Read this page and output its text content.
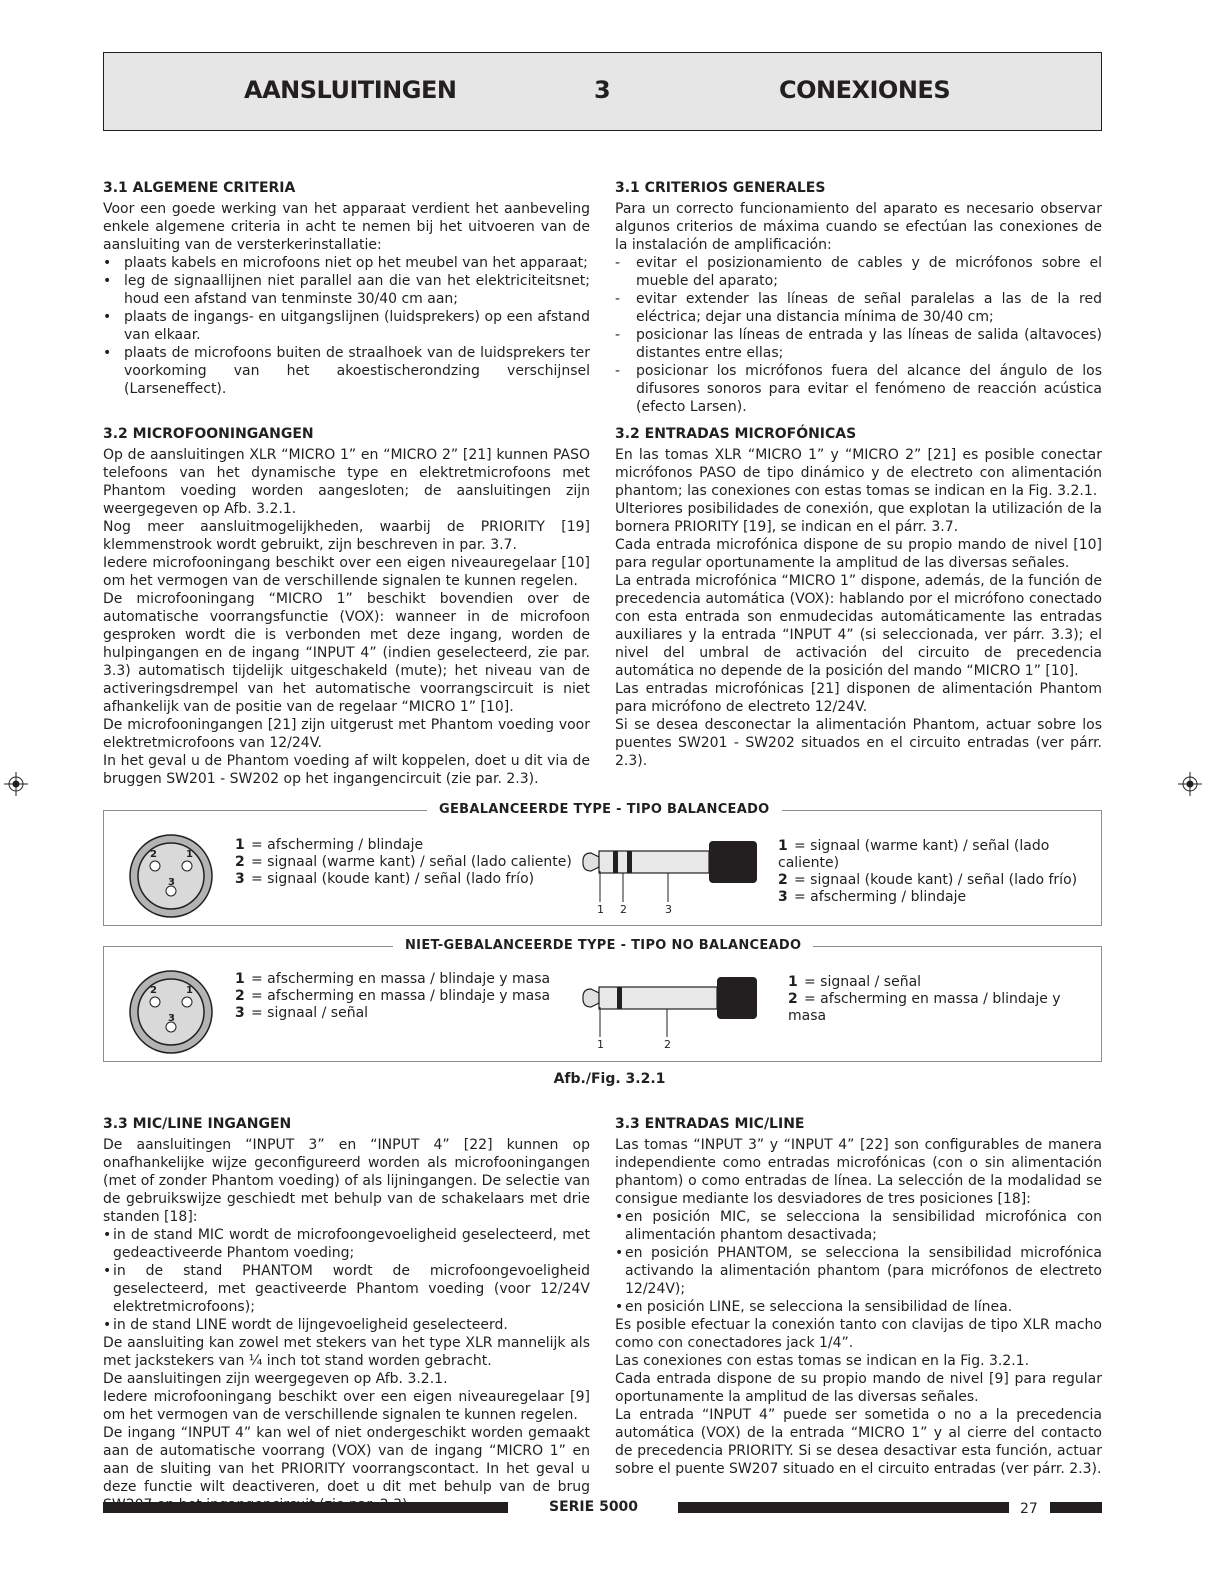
AANSLUITINGEN	3	CONEXIONES
3.1 ALGEMENE CRITERIA

Voor een goede werking van het apparaat verdient het aanbeveling enkele algemene criteria in acht te nemen bij het uitvoeren van de aansluiting van de versterkerinstallatie:

• plaats kabels en microfoons niet op het meubel van het apparaat;
• leg de signaallijnen niet parallel aan die van het elektriciteitsnet; houd een afstand van tenminste 30/40 cm aan;
• plaats de ingangs- en uitgangslijnen (luidsprekers) op een afstand van elkaar.
• plaats de microfoons buiten de straalhoek van de luidsprekers ter voorkoming van het akoestischerondzing verschijnsel (Larseneffect).
3.1 CRITERIOS GENERALES

Para un correcto funcionamiento del aparato es necesario observar algunos criterios de máxima cuando se efectúan las conexiones de la instalación de amplificación:

- evitar el posizionamiento de cables y de micrófonos sobre el mueble del aparato;
- evitar extender las líneas de señal paralelas a las de la red eléctrica; dejar una distancia mínima de 30/40 cm;
- posicionar las líneas de entrada y las líneas de salida (altavoces) distantes entre ellas;
- posicionar los micrófonos fuera del alcance del ángulo de los difusores sonoros para evitar el fenómeno de reacción acústica (efecto Larsen).
3.2 MICROFOONINGANGEN

Op de aansluitingen XLR “MICRO 1” en “MICRO 2” [21] kunnen PASO telefoons van het dynamische type en elektretmicrofoons met Phantom voeding worden aangesloten; de aansluitingen zijn weergegeven op Afb. 3.2.1.

Nog meer aansluitmogelijkheden, waarbij de PRIORITY [19] klemmenstrook wordt gebruikt, zijn beschreven in par. 3.7.

Iedere microfooningang beschikt over een eigen niveauregelaar [10] om het vermogen van de verschillende signalen te kunnen regelen.

De microfooningang “MICRO 1” beschikt bovendien over de automatische voorrangsfunctie (VOX): wanneer in de microfoon gesproken wordt die is verbonden met deze ingang, worden de hulpingangen en de ingang “INPUT 4” (indien geselecteerd, zie par. 3.3) automatisch tijdelijk uitgeschakeld (mute); het niveau van de activeringsdrempel van het automatische voorrangscircuit is niet afhankelijk van de positie van de regelaar “MICRO 1” [10].

De microfooningangen [21] zijn uitgerust met Phantom voeding voor elektretmicrofoons van 12/24V.

In het geval u de Phantom voeding af wilt koppelen, doet u dit via de bruggen SW201 - SW202 op het ingangencircuit (zie par. 2.3).

3.2 ENTRADAS MICROFÓNICAS

En las tomas XLR “MICRO 1” y “MICRO 2” [21] es posible conectar micrófonos PASO de tipo dinámico y de electreto con alimentación phantom; las conexiones con estas tomas se indican en la Fig. 3.2.1.

Ulteriores posibilidades de conexión, que explotan la utilización de la bornera PRIORITY [19], se indican en el párr. 3.7.

Cada entrada microfónica dispone de su propio mando de nivel [10] para regular oportunamente la amplitud de las diversas señales.

La entrada microfónica “MICRO 1” dispone, además, de la función de precedencia automática (VOX): hablando por el micrófono conectado con esta entrada son enmudecidas automáticamente las entradas auxiliares y la entrada “INPUT 4” (si seleccionada, ver párr. 3.3); el nivel del umbral de activación del circuito de precedencia automática no depende de la posición del mando “MICRO 1” [10].

Las entradas microfónicas [21] disponen de alimentación Phantom para micrófono de electreto 12/24V.

Si se desea desconectar la alimentación Phantom, actuar sobre los puentes SW201 - SW202 situados en el circuito entradas (ver párr. 2.3).

2	1
3
1 = afscherming / blindaje
2 = signaal (warme kant) / señal (lado caliente)
3 = signaal (koude kant) / señal (lado frío)
1 2	3
1 = signaal (warme kant) / señal (lado caliente)
2 = signaal (koude kant) / señal (lado frío)
3 = afscherming / blindaje
GEBALANCEERDE TYPE - TIPO BALANCEADO
2	1
3
1 = afscherming en massa / blindaje y masa
2 = afscherming en massa / blindaje y masa
3 = signaal / señal
1	2
1 = signaal / señal
2 = afscherming en massa / blindaje y masa
NIET-GEBALANCEERDE TYPE - TIPO NO BALANCEADO
Afb./Fig. 3.2.1
3.3 MIC/LINE INGANGEN

De aansluitingen “INPUT 3” en “INPUT 4” [22] kunnen op onafhankelijke wijze geconfigureerd worden als microfooningangen (met of zonder Phantom voeding) of als lijningangen. De selectie van de gebruikswijze geschiedt met behulp van de schakelaars met drie standen [18]:

• in de stand MIC wordt de microfoongevoeligheid geselecteerd, met gedeactiveerde Phantom voeding;
• in de stand PHANTOM wordt de microfoongevoeligheid geselecteerd, met geactiveerde Phantom voeding (voor 12/24V elektretmicrofoons);
• in de stand LINE wordt de lijngevoeligheid geselecteerd.

De aansluiting kan zowel met stekers van het type XLR mannelijk als met jackstekers van ¼ inch tot stand worden gebracht.

De aansluitingen zijn weergegeven op Afb. 3.2.1.

Iedere microfooningang beschikt over een eigen niveauregelaar [9] om het vermogen van de verschillende signalen te kunnen regelen.

De ingang “INPUT 4” kan wel of niet ondergeschikt worden gemaakt aan de automatische voorrang (VOX) van de ingang “MICRO 1” en aan de sluiting van het PRIORITY voorrangscontact. In het geval u deze functie wilt deactiveren, doet u dit met behulp van de brug

3.3 ENTRADAS MIC/LINE

Las tomas “INPUT 3” y “INPUT 4” [22] son configurables de manera independiente como entradas microfónicas (con o sin alimentación phantom) o como entradas de línea. La selección de la modalidad se consigue mediante los desviadores de tres posiciones [18]:

• en posición MIC, se selecciona la sensibilidad microfónica con alimentación phantom desactivada;
• en posición PHANTOM, se selecciona la sensibilidad microfónica activando la alimentación phantom (para micrófonos de electreto 12/24V);
• en posición LINE, se selecciona la sensibilidad de línea.

Es posible efectuar la conexión tanto con clavijas de tipo XLR macho como con conectadores jack 1/4”.

Las conexiones con estas tomas se indican en la Fig. 3.2.1.

Cada entrada dispone de su propio mando de nivel [9] para regular oportunamente la amplitud de las diversas señales.

La entrada “INPUT 4” puede ser sometida o no a la precedencia automática (VOX) de la entrada “MICRO 1” y al cierre del contacto de precedencia PRIORITY. Si se desea desactivar esta función, actuar sobre el puente SW207 situado en el circuito entradas (ver párr. 2.3).

SERIE 5000	27
